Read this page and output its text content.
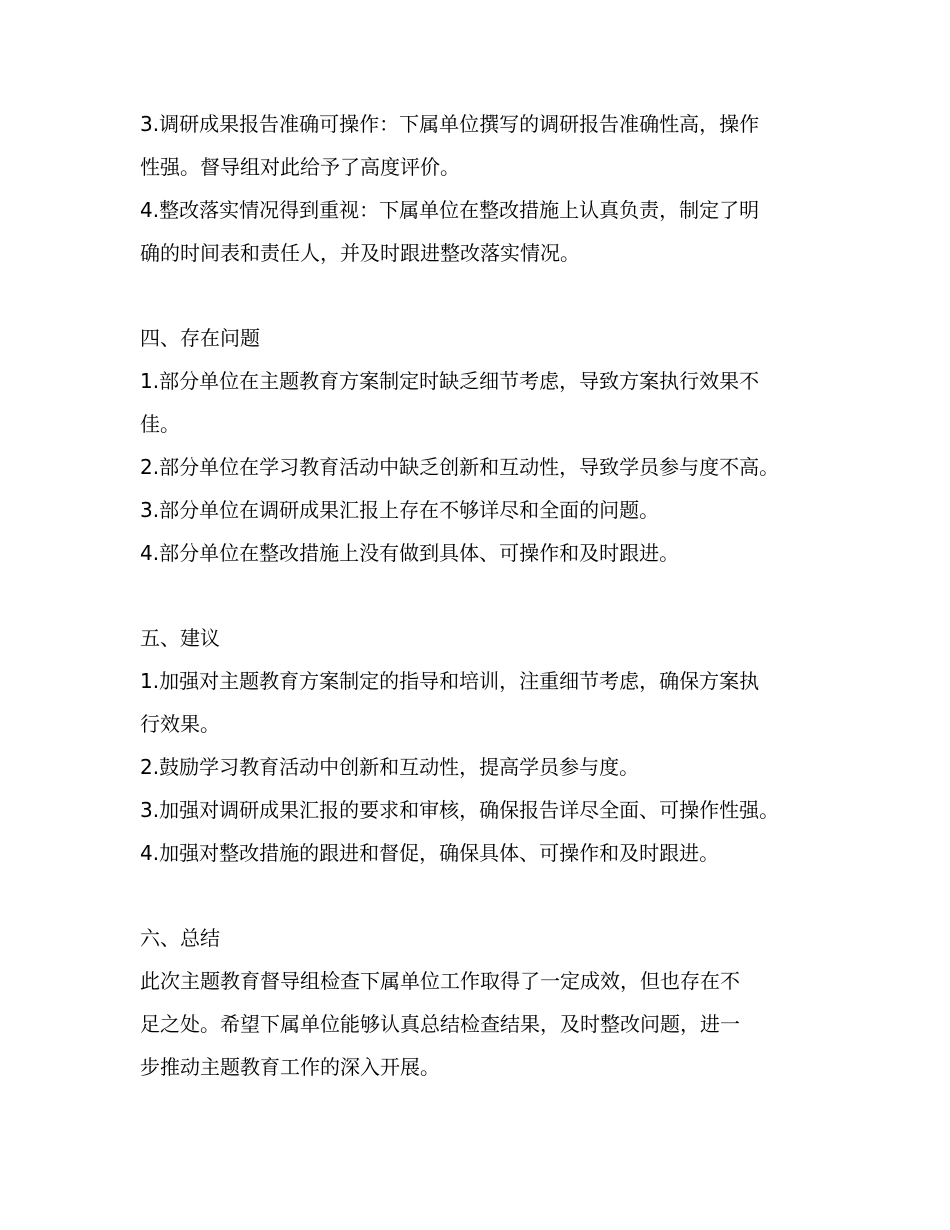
3.调研成果报告准确可操作：下属单位撰写的调研报告准确性高，操作
性强。督导组对此给予了高度评价。
4.整改落实情况得到重视：下属单位在整改措施上认真负责，制定了明
确的时间表和责任人，并及时跟进整改落实情况。
四、存在问题
1.部分单位在主题教育方案制定时缺乏细节考虑，导致方案执行效果不
佳。
2.部分单位在学习教育活动中缺乏创新和互动性，导致学员参与度不高。
3.部分单位在调研成果汇报上存在不够详尽和全面的问题。
4.部分单位在整改措施上没有做到具体、可操作和及时跟进。
五、建议
1.加强对主题教育方案制定的指导和培训，注重细节考虑，确保方案执
行效果。
2.鼓励学习教育活动中创新和互动性，提高学员参与度。
3.加强对调研成果汇报的要求和审核，确保报告详尽全面、可操作性强。
4.加强对整改措施的跟进和督促，确保具体、可操作和及时跟进。
六、总结
此次主题教育督导组检查下属单位工作取得了一定成效，但也存在不
足之处。希望下属单位能够认真总结检查结果，及时整改问题，进一
步推动主题教育工作的深入开展。
